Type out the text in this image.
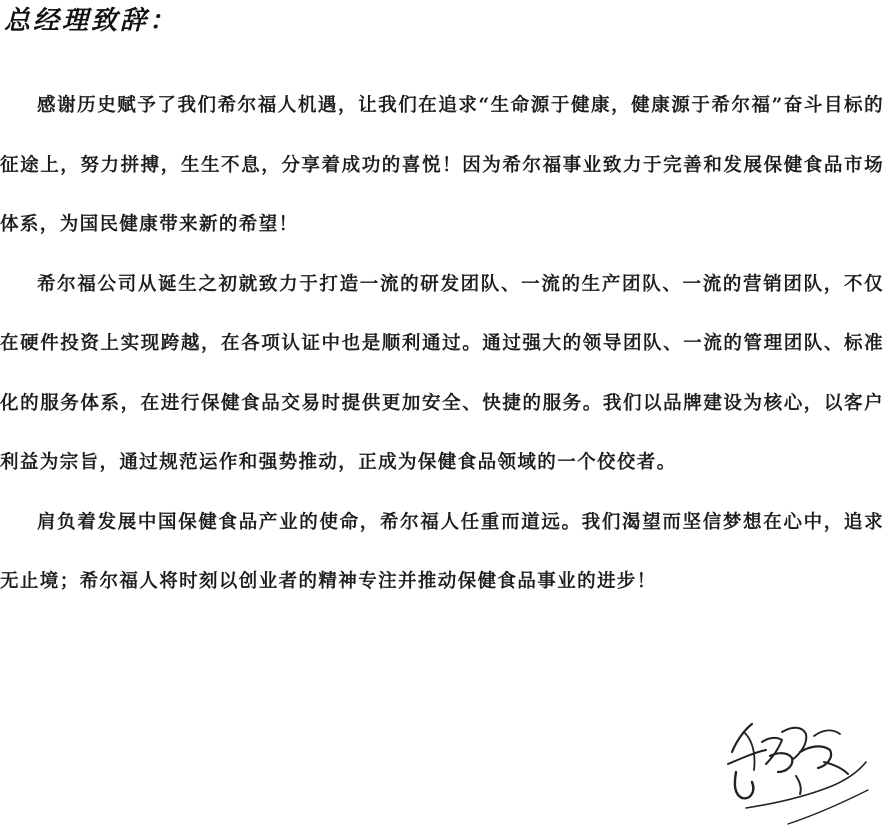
总经理致辞：

感谢历史赋予了我们希尔福人机遇，让我们在追求“生命源于健康，健康源于希尔福”奋斗目标的征途上，努力拼搏，生生不息，分享着成功的喜悦！因为希尔福事业致力于完善和发展保健食品市场体系，为国民健康带来新的希望！

希尔福公司从诞生之初就致力于打造一流的研发团队、一流的生产团队、一流的营销团队，不仅在硬件投资上实现跨越，在各项认证中也是顺利通过。通过强大的领导团队、一流的管理团队、标准化的服务体系，在进行保健食品交易时提供更加安全、快捷的服务。我们以品牌建设为核心，以客户利益为宗旨，通过规范运作和强势推动，正成为保健食品领域的一个佼佼者。

肩负着发展中国保健食品产业的使命，希尔福人任重而道远。我们渴望而坚信梦想在心中，追求无止境；希尔福人将时刻以创业者的精神专注并推动保健食品事业的进步！
